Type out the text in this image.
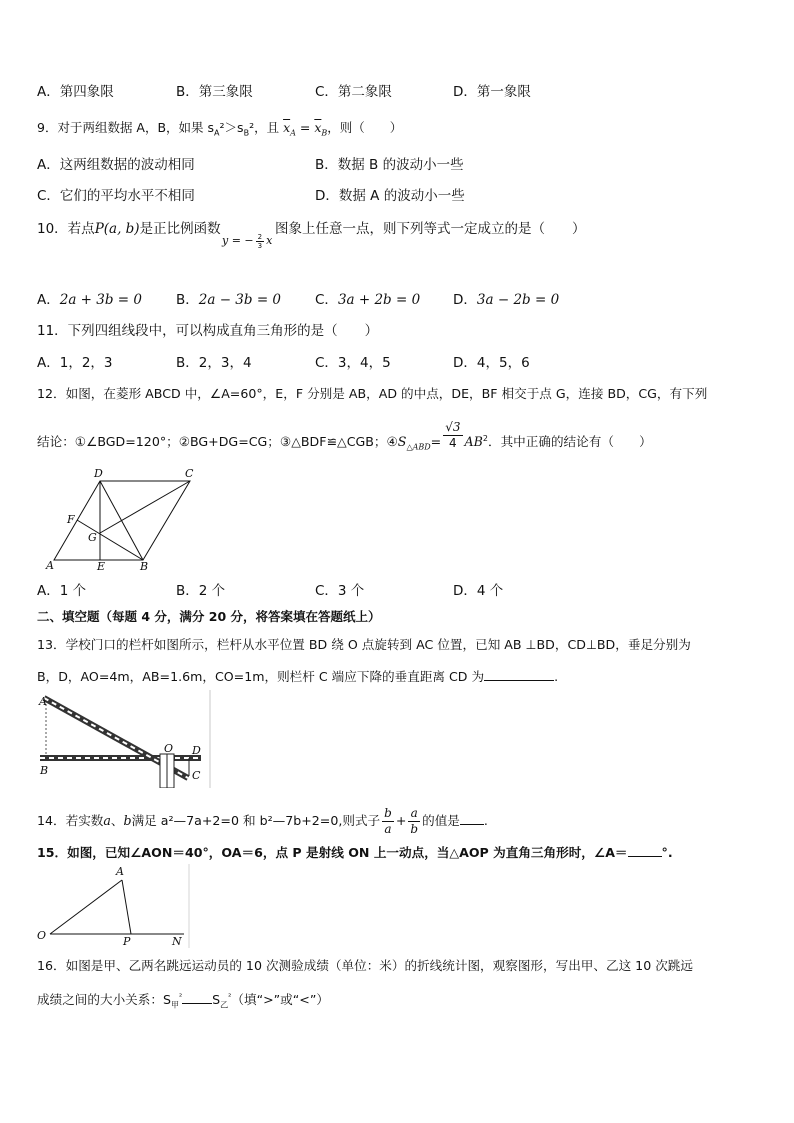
A．第四象限	B．第三象限	C．第二象限	D．第一象限
9．对于两组数据 A，B，如果 $s_A^2>s_B^2$，且 $\overline{x}_A = \overline{x}_B$，则（　　）
A．这两组数据的波动相同	B．数据 B 的波动小一些
C．它们的平均水平不相同	D．数据 A 的波动小一些
10．若点P(a, b)是正比例函数
y = − $\frac{2}{3}$ x
图象上任意一点，则下列等式一定成立的是（　　）
A．2a + 3b = 0	B．2a − 3b = 0	C．3a + 2b = 0 D．3a − 2b = 0
11．下列四组线段中，可以构成直角三角形的是（　　）
A．1，2，3	B．2，3，4	C．3，4，5	D．4，5，6
12．如图，在菱形 ABCD 中，∠A=60°，E，F 分别是 AB，AD 的中点，DE，BF 相交于点 G，连接 BD，CG，有下列
结论：①∠BGD=120°；②BG+DG=CG；③△BDF≌△CGB；$④S_{\triangle ABD}= \frac{√3}{4} AB^2$．其中正确的结论有（　　）
D	C
F
G
A	E	B
A．1 个	B．2 个	C．3 个	D．4 个
二、填空题（每题 4 分，满分 20 分，将答案填在答题纸上）
13．学校门口的栏杆如图所示，栏杆从水平位置 BD 绕 O 点旋转到 AC 位置，已知 AB ⊥BD，CD⊥BD，垂足分别为
B，D，AO=4m，AB=1.6m，CO=1m，则栏杆 C 端应下降的垂直距离 CD 为	.
A
B
O D
C
14．若实数a、b满足 a²—7a+2=0 和 b²—7b+2=0,则式子 $\frac{b}{a} + \frac{a}{b}$ 的值是 .
15．如图，已知∠AON＝40°，OA＝6，点 P 是射线 ON 上一动点，当△AOP 为直角三角形时，∠A＝	°.
A
O	P	N
16．如图是甲、乙两名跳远运动员的 10 次测验成绩（单位：米）的折线统计图，观察图形，写出甲、乙这 10 次跳远
成绩之间的大小关系：$S_甲^{^2}$ $S_乙^{^2}$（填“>”或“<”）
